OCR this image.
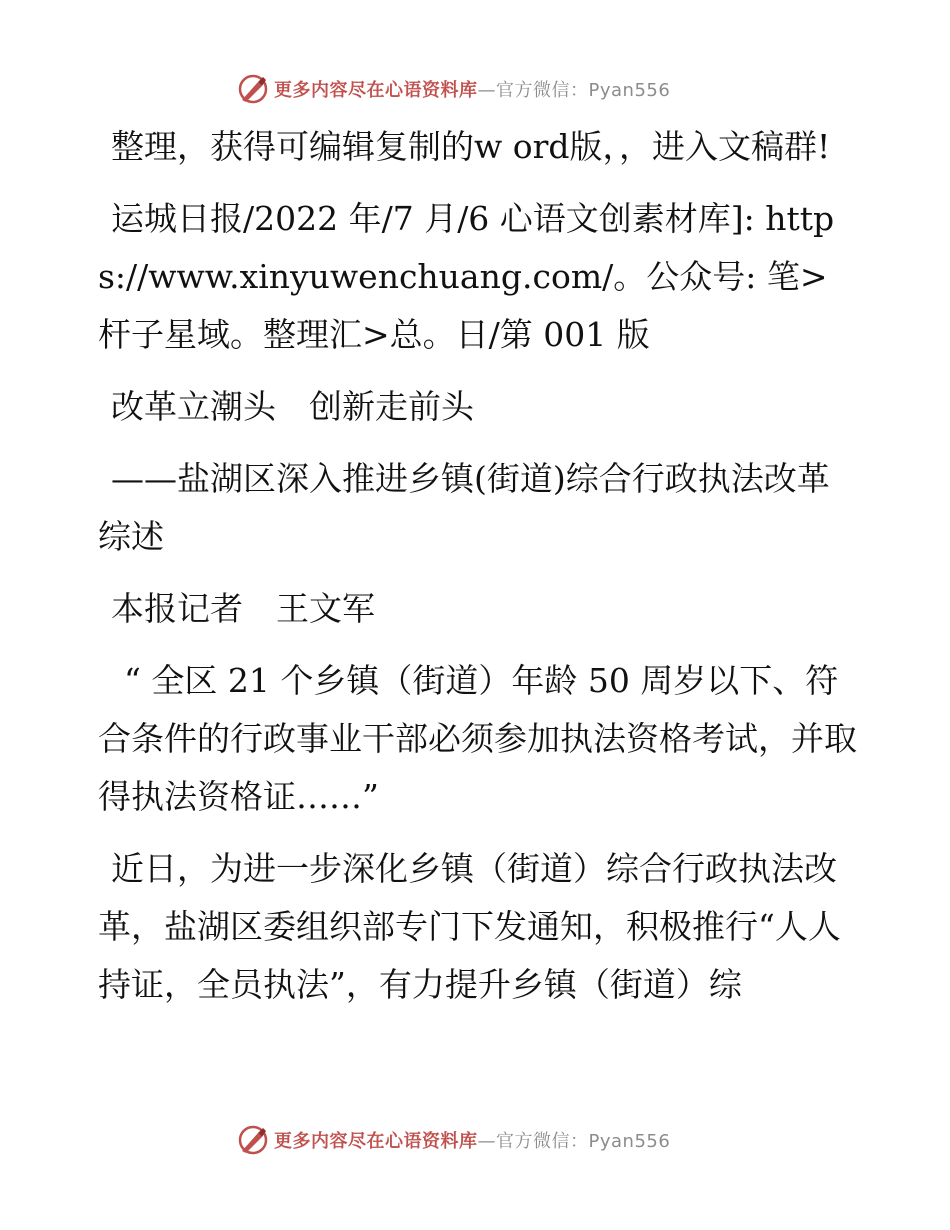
更多内容尽在心语资料库—官方微信：Pyan556

整理，获得可编辑复制的w ord版，，进入文稿群!

运城日报/2022 年/7 月/6 心语文创素材库]: https://www.xinyuwenchuang.com/。公众号: 笔>杆子星域。整理汇>总。日/第 001 版

改革立潮头　创新走前头

——盐湖区深入推进乡镇(街道)综合行政执法改革综述

本报记者　王文军

“ 全区 21 个乡镇（街道）年龄 50 周岁以下、符合条件的行政事业干部必须参加执法资格考试，并取得执法资格证……”

近日，为进一步深化乡镇（街道）综合行政执法改革，盐湖区委组织部专门下发通知，积极推行“人人持证，全员执法”，有力提升乡镇（街道）综

更多内容尽在心语资料库—官方微信：Pyan556
